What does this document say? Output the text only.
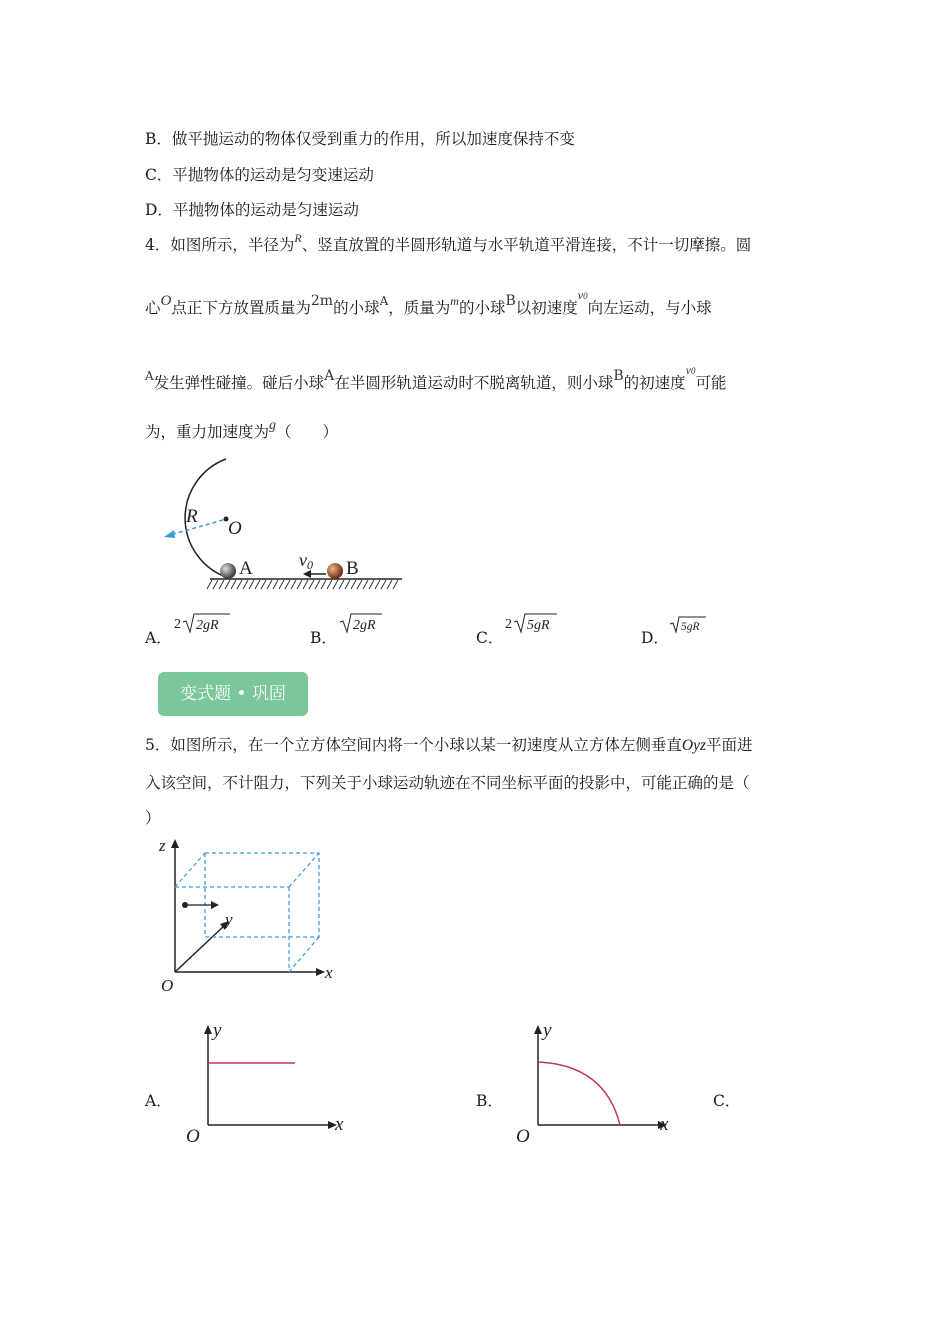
B．做平抛运动的物体仅受到重力的作用，所以加速度保持不变
C．平抛物体的运动是匀变速运动
D．平抛物体的运动是匀速运动
4．如图所示，半径为$^R$、竖直放置的半圆形轨道与水平轨道平滑连接，不计一切摩擦。圆
心O点正下方放置质量为2m的小球$^A$，质量为$^m$的小球B以初速度$^{v0}$向左运动，与小球
$^A$发生弹性碰撞。碰后小球A在半圆形轨道运动时不脱离轨道，则小球B的初速度$^{v0}$可能
为，重力加速度为g（　　）
R
O
A	B
v0
A．
2 2gR
B．
2gR
C．
2 5gR
D．
5gR
变式题 • 巩固
5．如图所示，在一个立方体空间内将一个小球以某一初速度从立方体左侧垂直Oyz平面进
入该空间，不计阻力，下列关于小球运动轨迹在不同坐标平面的投影中，可能正确的是（
）
z
y
x
O
A．
y
x
O
B．
y
x
O
C．
